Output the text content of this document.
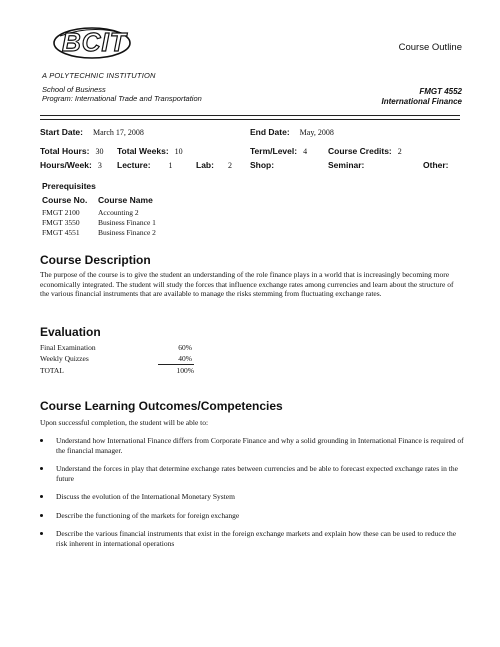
BCIT	Course Outline
A POLYTECHNIC INSTITUTION
School of Business
Program: International Trade and Transportation
FMGT 4552
International Finance
Start Date: March 17, 2008	End Date: May, 2008
Total Hours: 30 Total Weeks: 10	Term/Level: 4 Course Credits: 2
Hours/Week: 3 Lecture: 1	Lab: 2 Shop:	Seminar:	Other:
Prerequisites
Course No. Course Name
FMGT 2100 Accounting 2
FMGT 3550 Business Finance 1
FMGT 4551 Business Finance 2
Course Description
The purpose of the course is to give the student an understanding of the role finance plays in a world that is increasingly becoming more economically integrated. The student will study the forces that influence exchange rates among currencies and learn about the structure of the various financial instruments that are available to manage the risks stemming from fluctuating exchange rates.
Evaluation
Final Examination	60%
Weekly Quizzes	40%
TOTAL	100%
Course Learning Outcomes/Competencies
Upon successful completion, the student will be able to:
Understand how International Finance differs from Corporate Finance and why a solid grounding in International Finance is required of the financial manager.
Understand the forces in play that determine exchange rates between currencies and be able to forecast expected exchange rates in the future
Discuss the evolution of the International Monetary System
Describe the functioning of the markets for foreign exchange
Describe the various financial instruments that exist in the foreign exchange markets and explain how these can be used to reduce the risk inherent in international operations
